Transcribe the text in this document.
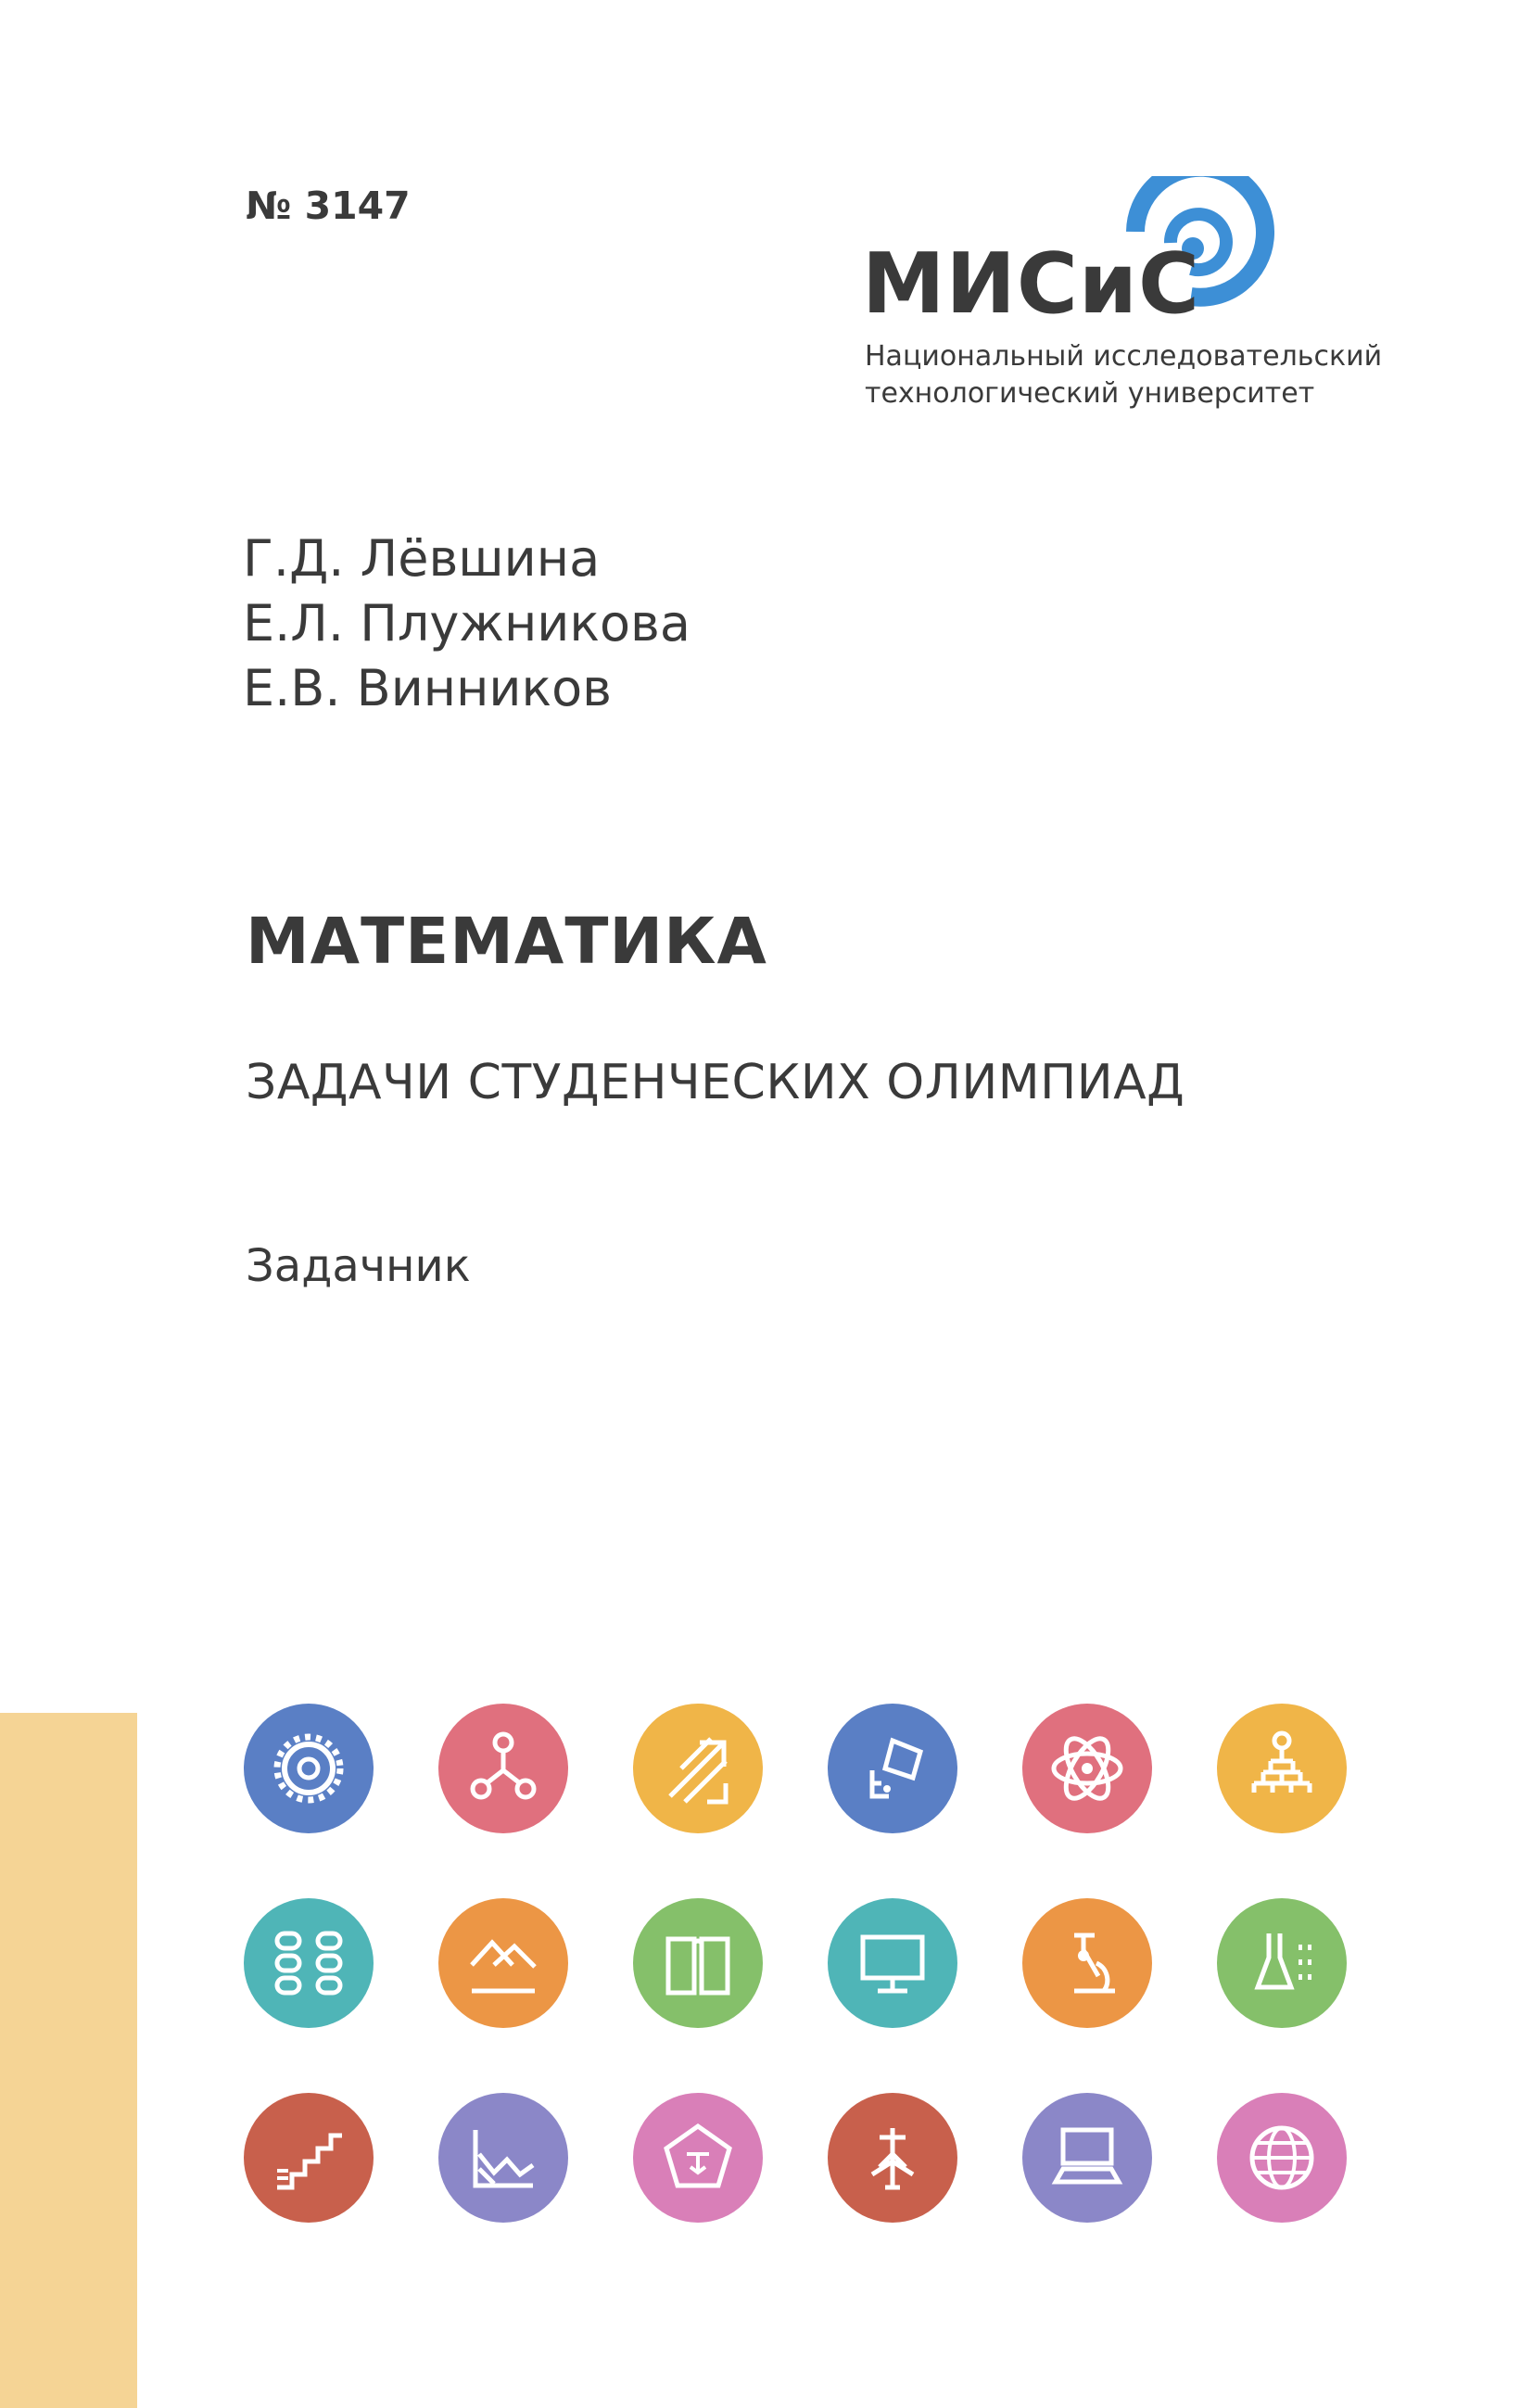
№ 3147
МИСиС
Национальный исследовательский
технологический университет
Г.Д. Лёвшина
Е.Л. Плужникова
Е.В. Винников
МАТЕМАТИКА
ЗАДАЧИ СТУДЕНЧЕСКИХ ОЛИМПИАД
Задачник
